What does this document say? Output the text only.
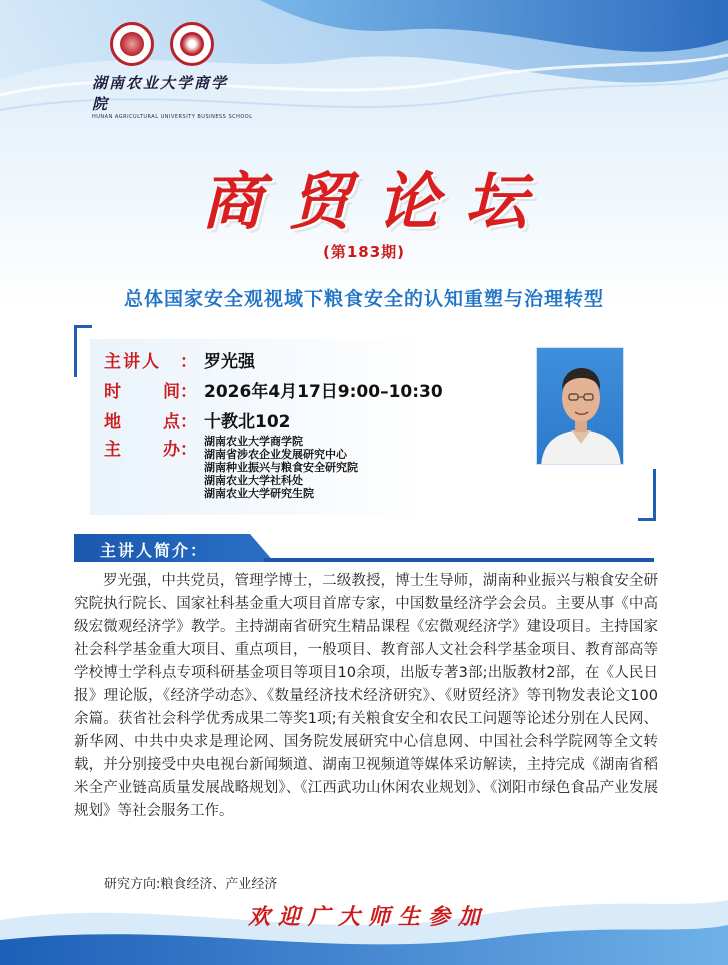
湖南农业大学商学院
HUNAN AGRICULTURAL UNIVERSITY BUSINESS SCHOOL
商贸论坛
(第183期)
总体国家安全观视域下粮食安全的认知重塑与治理转型
主讲人 ： 罗光强
时 间 ： 2026年4月17日9:00–10:30
地 点 ： 十教北102
主 办 ： 湖南农业大学商学院
湖南省涉农企业发展研究中心
湖南种业振兴与粮食安全研究院
湖南农业大学社科处
湖南农业大学研究生院
主讲人简介：

罗光强，中共党员，管理学博士，二级教授，博士生导师，湖南种业振兴与粮食安全研究院执行院长、国家社科基金重大项目首席专家，中国数量经济学会会员。主要从事《中高级宏微观经济学》教学。主持湖南省研究生精品课程《宏微观经济学》建设项目。主持国家社会科学基金重大项目、重点项目，一般项目、教育部人文社会科学基金项目、教育部高等学校博士学科点专项科研基金项目等项目10余项，出版专著3部;出版教材2部，在《人民日报》理论版，《经济学动态》、《数量经济技术经济研究》、《财贸经济》等刊物发表论文100余篇。获省社会科学优秀成果二等奖1项;有关粮食安全和农民工问题等论述分别在人民网、新华网、中共中央求是理论网、国务院发展研究中心信息网、中国社会科学院网等全文转载，并分别接受中央电视台新闻频道、湖南卫视频道等媒体采访解读，主持完成《湖南省稻米全产业链高质量发展战略规划》、《江西武功山休闲农业规划》、《浏阳市绿色食品产业发展规划》等社会服务工作。

研究方向:粮食经济、产业经济
欢迎广大师生参加
